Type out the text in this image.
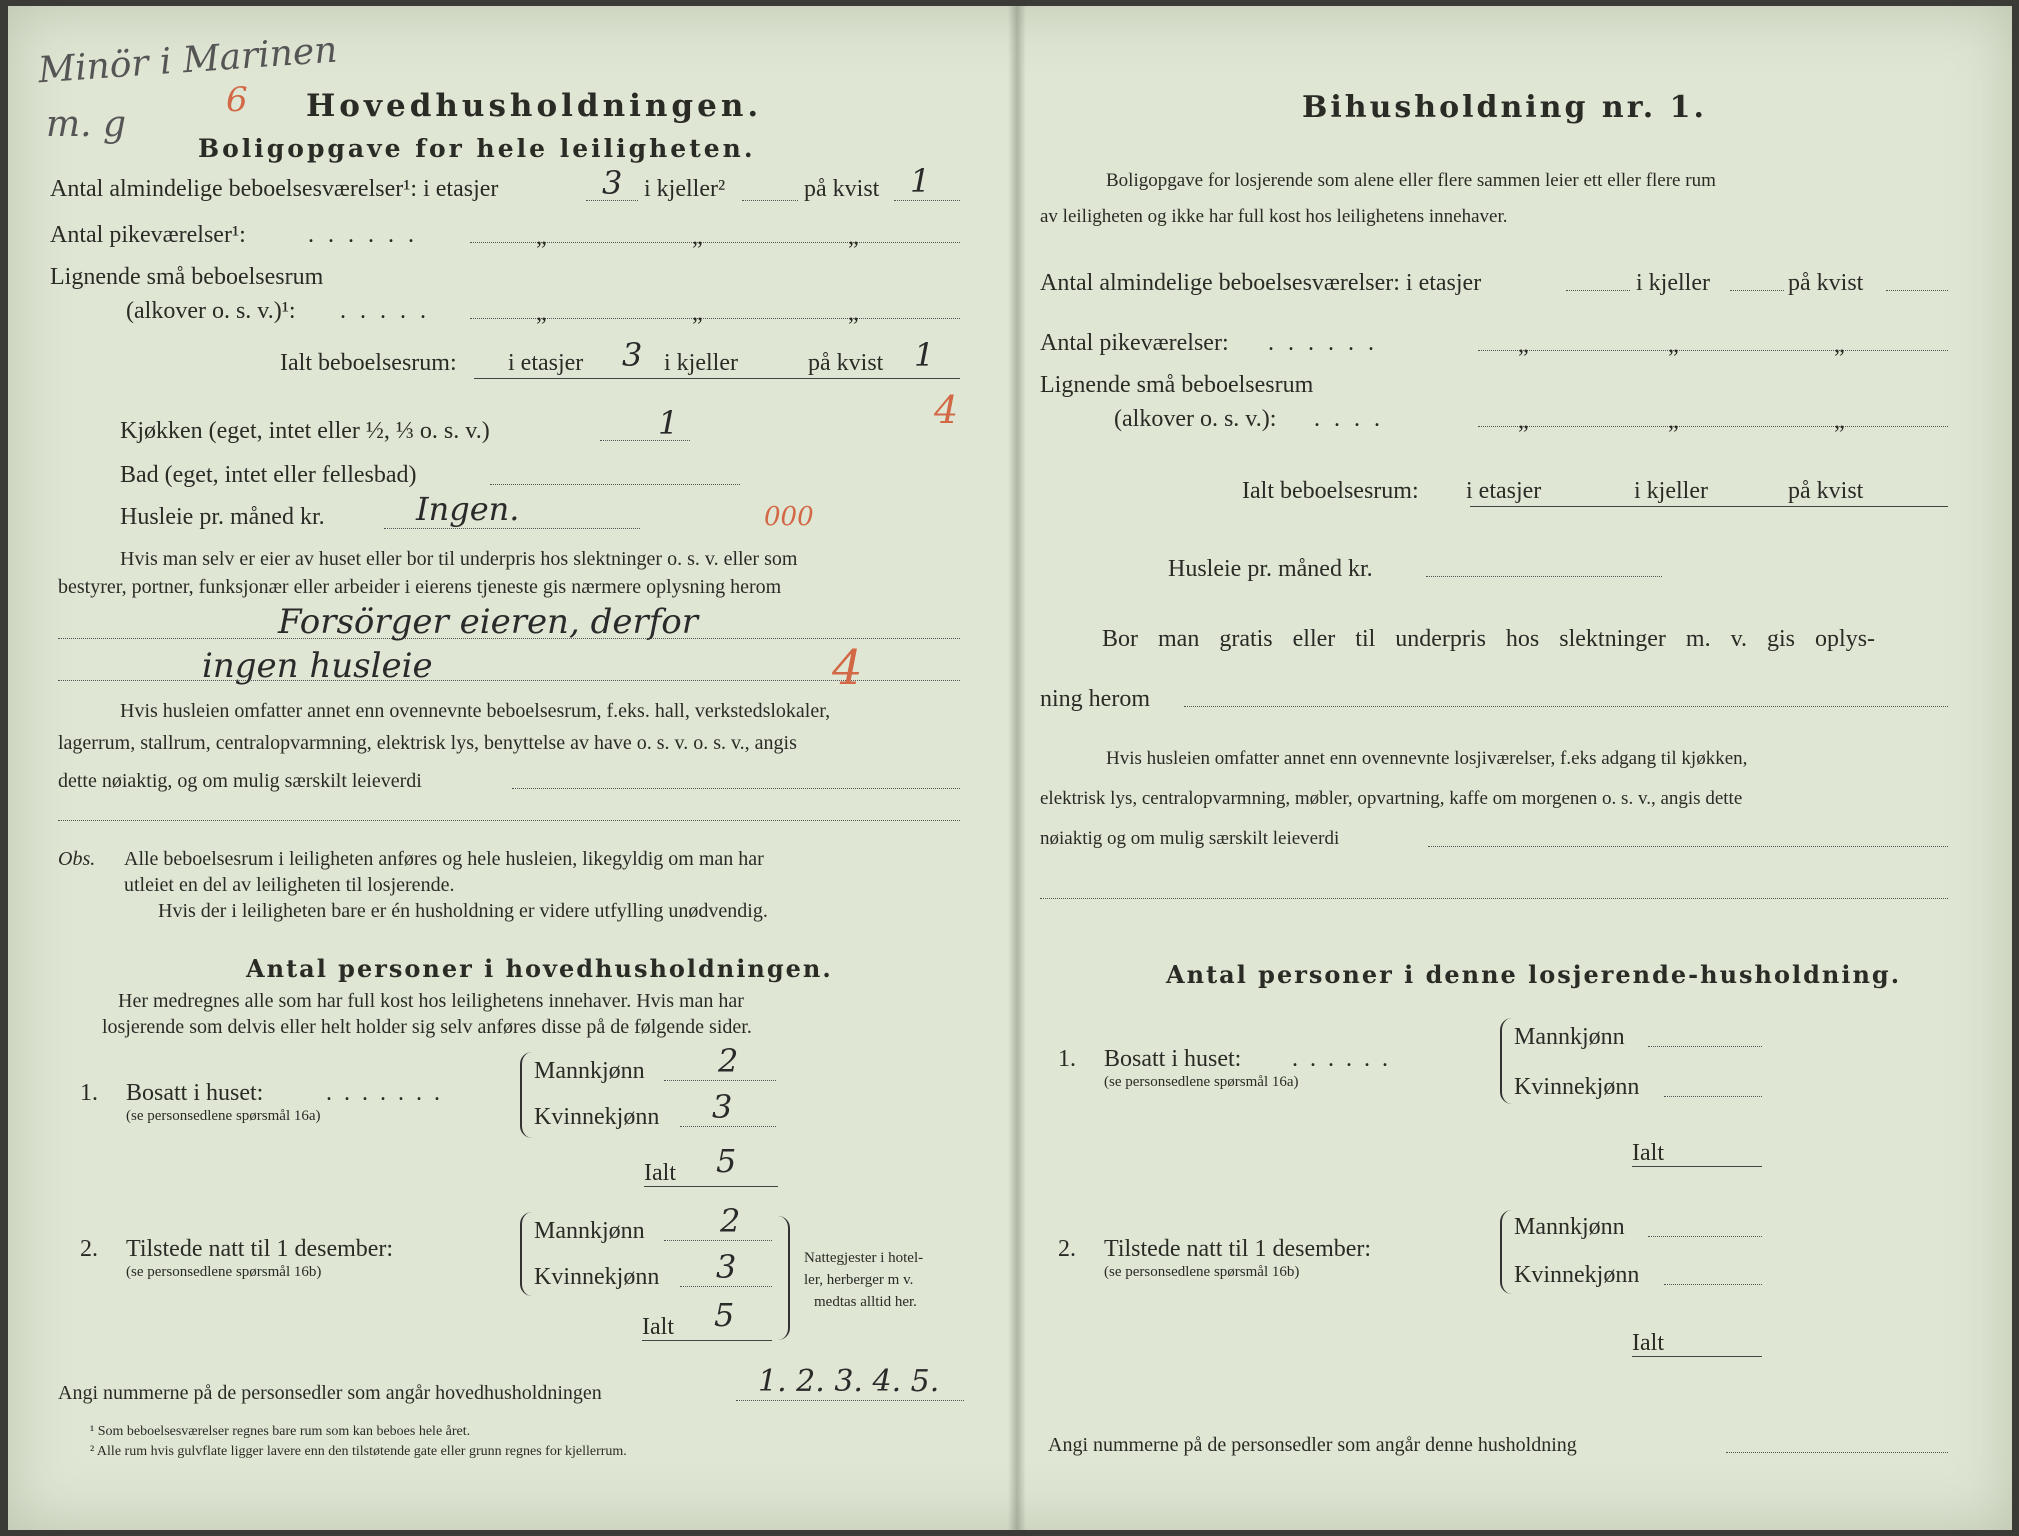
Minör i Marinen
m. g
6 Hovedhusholdningen.
Boligopgave for hele leiligheten.
Antal almindelige beboelsesværelser¹: i etasjer	3 i kjeller²	på kvist 1
Antal pikeværelser¹:	......	„	„	„
Lignende små beboelsesrum
(alkover o. s. v.)¹: .....	„	„	„
Ialt beboelsesrum: i etasjer 3 i kjeller	på kvist 1
4
Kjøkken (eget, intet eller ½, ⅓ o. s. v.)	1
Bad (eget, intet eller fellesbad)
Husleie pr. måned kr.	Ingen.	000
Hvis man selv er eier av huset eller bor til underpris hos slektninger o. s. v. eller som
bestyrer, portner, funksjonær eller arbeider i eierens tjeneste gis nærmere oplysning herom
Forsörger eieren, derfor
ingen husleie	4
Hvis husleien omfatter annet enn ovennevnte beboelsesrum, f.eks. hall, verkstedslokaler,
lagerrum, stallrum, centralopvarmning, elektrisk lys, benyttelse av have o. s. v. o. s. v., angis
dette nøiaktig, og om mulig særskilt leieverdi
Obs. Alle beboelsesrum i leiligheten anføres og hele husleien, likegyldig om man har
utleiet en del av leiligheten til losjerende.
Hvis der i leiligheten bare er én husholdning er videre utfylling unødvendig.
Antal personer i hovedhusholdningen.
Her medregnes alle som har full kost hos leilighetens innehaver. Hvis man har
losjerende som delvis eller helt holder sig selv anføres disse på de følgende sider.
1. Bosatt i huset:	.......
(se personsedlene spørsmål 16a)
Mannkjønn 2
Kvinnekjønn 3
Ialt 5
2. Tilstede natt til 1 desember:
(se personsedlene spørsmål 16b)
Mannkjønn 2
Kvinnekjønn 3
Ialt 5
Nattegjester i hotel-
ler, herberger m v.
medtas alltid her.
Angi nummerne på de personsedler som angår hovedhusholdningen	1. 2. 3. 4. 5.
¹ Som beboelsesværelser regnes bare rum som kan beboes hele året.
² Alle rum hvis gulvflate ligger lavere enn den tilstøtende gate eller grunn regnes for kjellerrum.
Bihusholdning nr. 1.
Boligopgave for losjerende som alene eller flere sammen leier ett eller flere rum
av leiligheten og ikke har full kost hos leilighetens innehaver.
Antal almindelige beboelsesværelser: i etasjer	i kjeller	på kvist
Antal pikeværelser: ......	„	„	„
Lignende små beboelsesrum
(alkover o. s. v.): ....	„	„	„
Ialt beboelsesrum: i etasjer	i kjeller	på kvist
Husleie pr. måned kr.
Bor man gratis eller til underpris hos slektninger m. v. gis oplys-
ning herom
Hvis husleien omfatter annet enn ovennevnte losjiværelser, f.eks adgang til kjøkken,
elektrisk lys, centralopvarmning, møbler, opvartning, kaffe om morgenen o. s. v., angis dette
nøiaktig og om mulig særskilt leieverdi
Antal personer i denne losjerende-husholdning.
1. Bosatt i huset: ......
(se personsedlene spørsmål 16a)
Mannkjønn
Kvinnekjønn
Ialt
2. Tilstede natt til 1 desember:
(se personsedlene spørsmål 16b)
Mannkjønn
Kvinnekjønn
Ialt
Angi nummerne på de personsedler som angår denne husholdning
